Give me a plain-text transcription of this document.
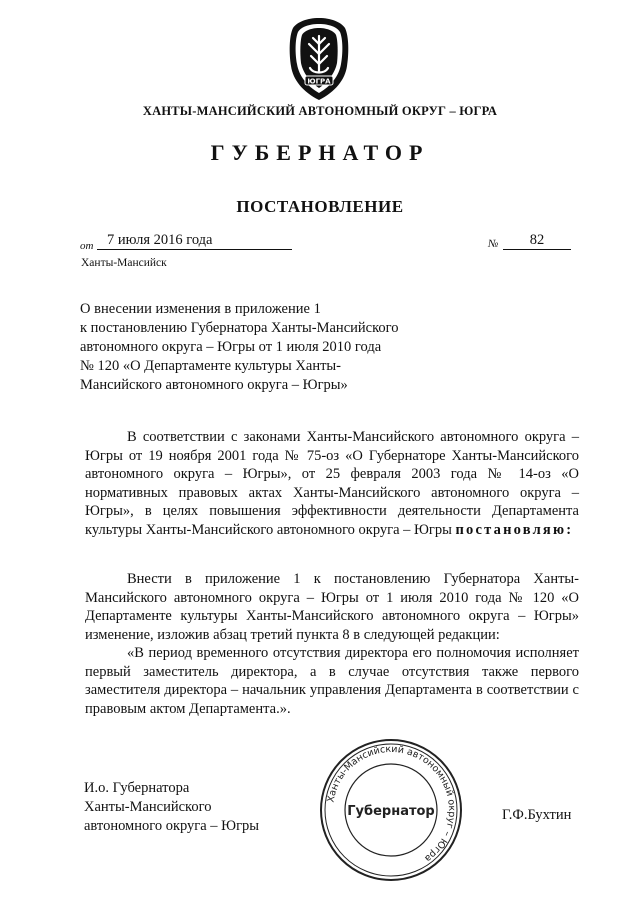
ЮГРА
ХАНТЫ-МАНСИЙСКИЙ АВТОНОМНЫЙ ОКРУГ – ЮГРА
ГУБЕРНАТОР
ПОСТАНОВЛЕНИЕ
от 7 июля 2016 года	№	82
Ханты-Мансийск
О внесении изменения в приложение 1
к постановлению Губернатора Ханты-Мансийского
автономного округа – Югры от 1 июля 2010 года
№ 120 «О Департаменте культуры Ханты-
Мансийского автономного округа – Югры»
В соответствии с законами Ханты-Мансийского автономного округа – Югры от 19 ноября 2001 года № 75-оз «О Губернаторе Ханты-Мансийского автономного округа – Югры», от 25 февраля 2003 года № 14-оз «О нормативных правовых актах Ханты-Мансийского автономного округа – Югры», в целях повышения эффективности деятельности Департамента культуры Ханты-Мансийского автономного округа – Югры постановляю:
Внести в приложение 1 к постановлению Губернатора Ханты-Мансийского автономного округа – Югры от 1 июля 2010 года № 120 «О Департаменте культуры Ханты-Мансийского автономного округа – Югры» изменение, изложив абзац третий пункта 8 в следующей редакции:
«В период временного отсутствия директора его полномочия исполняет первый заместитель директора, а в случае отсутствия также первого заместителя директора – начальник управления Департамента в соответствии с правовым актом Департамента.».
И.о. Губернатора
Ханты-Мансийского
автономного округа – Югры
Ханты-Мансийский автономный округ – Югра
Губернатор	Г.Ф.Бухтин
